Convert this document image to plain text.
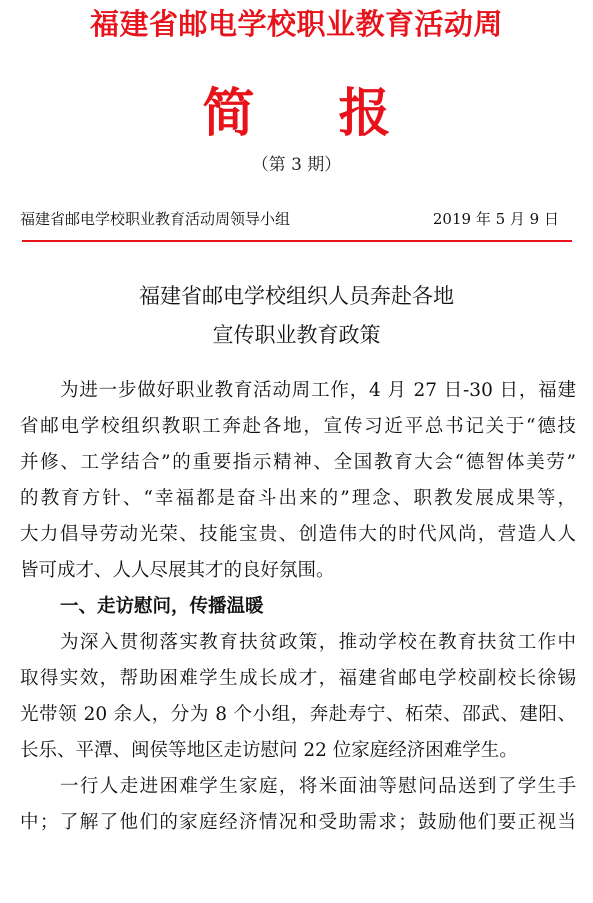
福建省邮电学校职业教育活动周
简 报
（第 3 期）
福建省邮电学校职业教育活动周领导小组	2019 年 5 月 9 日
福建省邮电学校组织人员奔赴各地
宣传职业教育政策
为进一步做好职业教育活动周工作，4 月 27 日-30 日，福建
省邮电学校组织教职工奔赴各地，宣传习近平总书记关于“德技
并修、工学结合”的重要指示精神、全国教育大会“德智体美劳”
的教育方针、“幸福都是奋斗出来的”理念、职教发展成果等，
大力倡导劳动光荣、技能宝贵、创造伟大的时代风尚，营造人人
皆可成才、人人尽展其才的良好氛围。
一、走访慰问，传播温暖
为深入贯彻落实教育扶贫政策，推动学校在教育扶贫工作中
取得实效，帮助困难学生成长成才，福建省邮电学校副校长徐锡
光带领 20 余人，分为 8 个小组，奔赴寿宁、柘荣、邵武、建阳、
长乐、平潭、闽侯等地区走访慰问 22 位家庭经济困难学生。
一行人走进困难学生家庭，将米面油等慰问品送到了学生手
中；了解了他们的家庭经济情况和受助需求；鼓励他们要正视当
